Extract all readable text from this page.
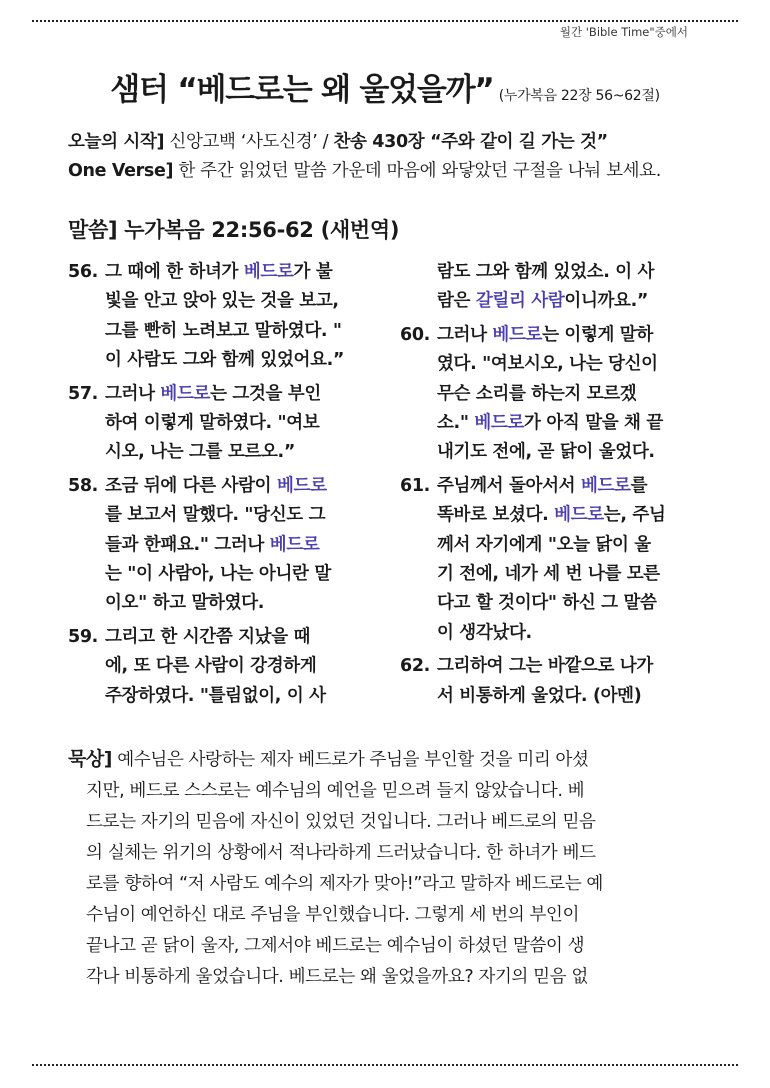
월간 'Bible Time"중에서
샘터 “베드로는 왜 울었을까” (누가복음 22장 56~62절)
오늘의 시작] 신앙고백 ‘사도신경’ / 찬송 430장 “주와 같이 길 가는 것”
One Verse] 한 주간 읽었던 말씀 가운데 마음에 와닿았던 구절을 나눠 보세요.
말씀] 누가복음 22:56-62 (새번역)
56. 그 때에 한 하녀가 베드로가 불
빛을 안고 앉아 있는 것을 보고,
그를 빤히 노려보고 말하였다. "
이 사람도 그와 함께 있었어요.”
57. 그러나 베드로는 그것을 부인
하여 이렇게 말하였다. "여보
시오, 나는 그를 모르오.”
58. 조금 뒤에 다른 사람이 베드로
를 보고서 말했다. "당신도 그
들과 한패요." 그러나 베드로
는 "이 사람아, 나는 아니란 말
이오" 하고 말하였다.
59. 그리고 한 시간쯤 지났을 때
에, 또 다른 사람이 강경하게
주장하였다. "틀림없이, 이 사
람도 그와 함께 있었소. 이 사
람은 갈릴리 사람이니까요.”
60. 그러나 베드로는 이렇게 말하
였다. "여보시오, 나는 당신이
무슨 소리를 하는지 모르겠
소." 베드로가 아직 말을 채 끝
내기도 전에, 곧 닭이 울었다.
61. 주님께서 돌아서서 베드로를
똑바로 보셨다. 베드로는, 주님
께서 자기에게 "오늘 닭이 울
기 전에, 네가 세 번 나를 모른
다고 할 것이다" 하신 그 말씀
이 생각났다.
62. 그리하여 그는 바깥으로 나가
서 비통하게 울었다. (아멘)
묵상] 예수님은 사랑하는 제자 베드로가 주님을 부인할 것을 미리 아셨
지만, 베드로 스스로는 예수님의 예언을 믿으려 들지 않았습니다. 베
드로는 자기의 믿음에 자신이 있었던 것입니다. 그러나 베드로의 믿음
의 실체는 위기의 상황에서 적나라하게 드러났습니다. 한 하녀가 베드
로를 향하여 “저 사람도 예수의 제자가 맞아!”라고 말하자 베드로는 예
수님이 예언하신 대로 주님을 부인했습니다. 그렇게 세 번의 부인이
끝나고 곧 닭이 울자, 그제서야 베드로는 예수님이 하셨던 말씀이 생
각나 비통하게 울었습니다. 베드로는 왜 울었을까요? 자기의 믿음 없
